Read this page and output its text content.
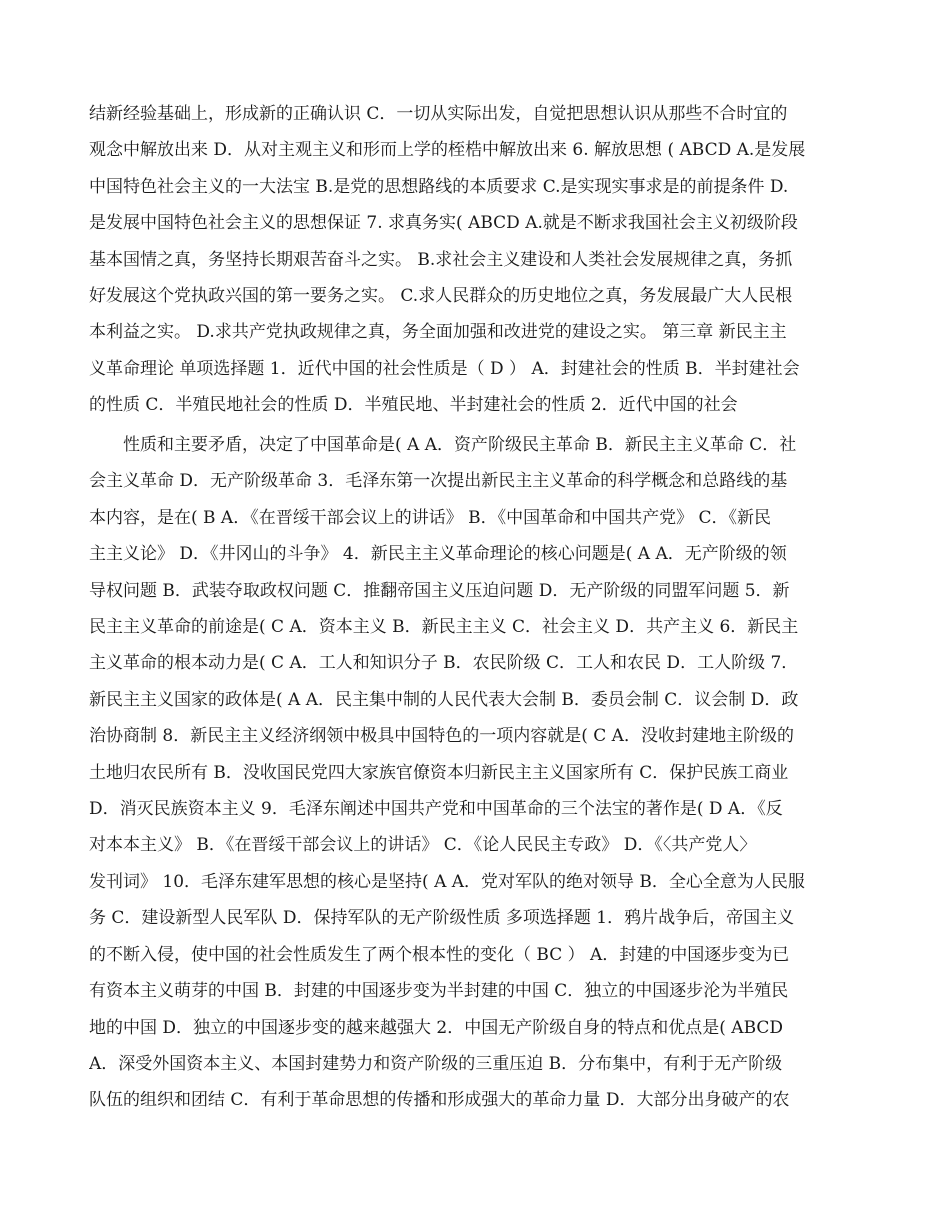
结新经验基础上，形成新的正确认识 C．一切从实际出发，自觉把思想认识从那些不合时宜的
观念中解放出来 D．从对主观主义和形而上学的桎梏中解放出来 6. 解放思想 ( ABCD A.是发展
中国特色社会主义的一大法宝 B.是党的思想路线的本质要求 C.是实现实事求是的前提条件 D.
是发展中国特色社会主义的思想保证 7. 求真务实( ABCD A.就是不断求我国社会主义初级阶段
基本国情之真，务坚持长期艰苦奋斗之实。 B.求社会主义建设和人类社会发展规律之真，务抓
好发展这个党执政兴国的第一要务之实。 C.求人民群众的历史地位之真，务发展最广大人民根
本利益之实。 D.求共产党执政规律之真，务全面加强和改进党的建设之实。 第三章 新民主主
义革命理论 单项选择题 1．近代中国的社会性质是（ D ） A．封建社会的性质 B．半封建社会
的性质 C．半殖民地社会的性质 D．半殖民地、半封建社会的性质 2．近代中国的社会
　　性质和主要矛盾，决定了中国革命是( A A．资产阶级民主革命 B．新民主主义革命 C．社
会主义革命 D．无产阶级革命 3．毛泽东第一次提出新民主主义革命的科学概念和总路线的基
本内容，是在( B A．《在晋绥干部会议上的讲话》 B．《中国革命和中国共产党》 C．《新民
主主义论》 D．《井冈山的斗争》 4．新民主主义革命理论的核心问题是( A A．无产阶级的领
导权问题 B．武装夺取政权问题 C．推翻帝国主义压迫问题 D．无产阶级的同盟军问题 5．新
民主主义革命的前途是( C A．资本主义 B．新民主主义 C．社会主义 D．共产主义 6．新民主
主义革命的根本动力是( C A．工人和知识分子 B．农民阶级 C．工人和农民 D．工人阶级 7．
新民主主义国家的政体是( A A．民主集中制的人民代表大会制 B．委员会制 C．议会制 D．政
治协商制 8．新民主主义经济纲领中极具中国特色的一项内容就是( C A．没收封建地主阶级的
土地归农民所有 B．没收国民党四大家族官僚资本归新民主主义国家所有 C．保护民族工商业
D．消灭民族资本主义 9．毛泽东阐述中国共产党和中国革命的三个法宝的著作是( D A．《反
对本本主义》 B．《在晋绥干部会议上的讲话》 C．《论人民民主专政》 D．《〈共产党人〉
发刊词》 10．毛泽东建军思想的核心是坚持( A A．党对军队的绝对领导 B．全心全意为人民服
务 C．建设新型人民军队 D．保持军队的无产阶级性质 多项选择题 1．鸦片战争后，帝国主义
的不断入侵，使中国的社会性质发生了两个根本性的变化（ BC ） A．封建的中国逐步变为已
有资本主义萌芽的中国 B．封建的中国逐步变为半封建的中国 C．独立的中国逐步沦为半殖民
地的中国 D．独立的中国逐步变的越来越强大 2．中国无产阶级自身的特点和优点是( ABCD
A．深受外国资本主义、本国封建势力和资产阶级的三重压迫 B．分布集中，有利于无产阶级
队伍的组织和团结 C．有利于革命思想的传播和形成强大的革命力量 D．大部分出身破产的农
